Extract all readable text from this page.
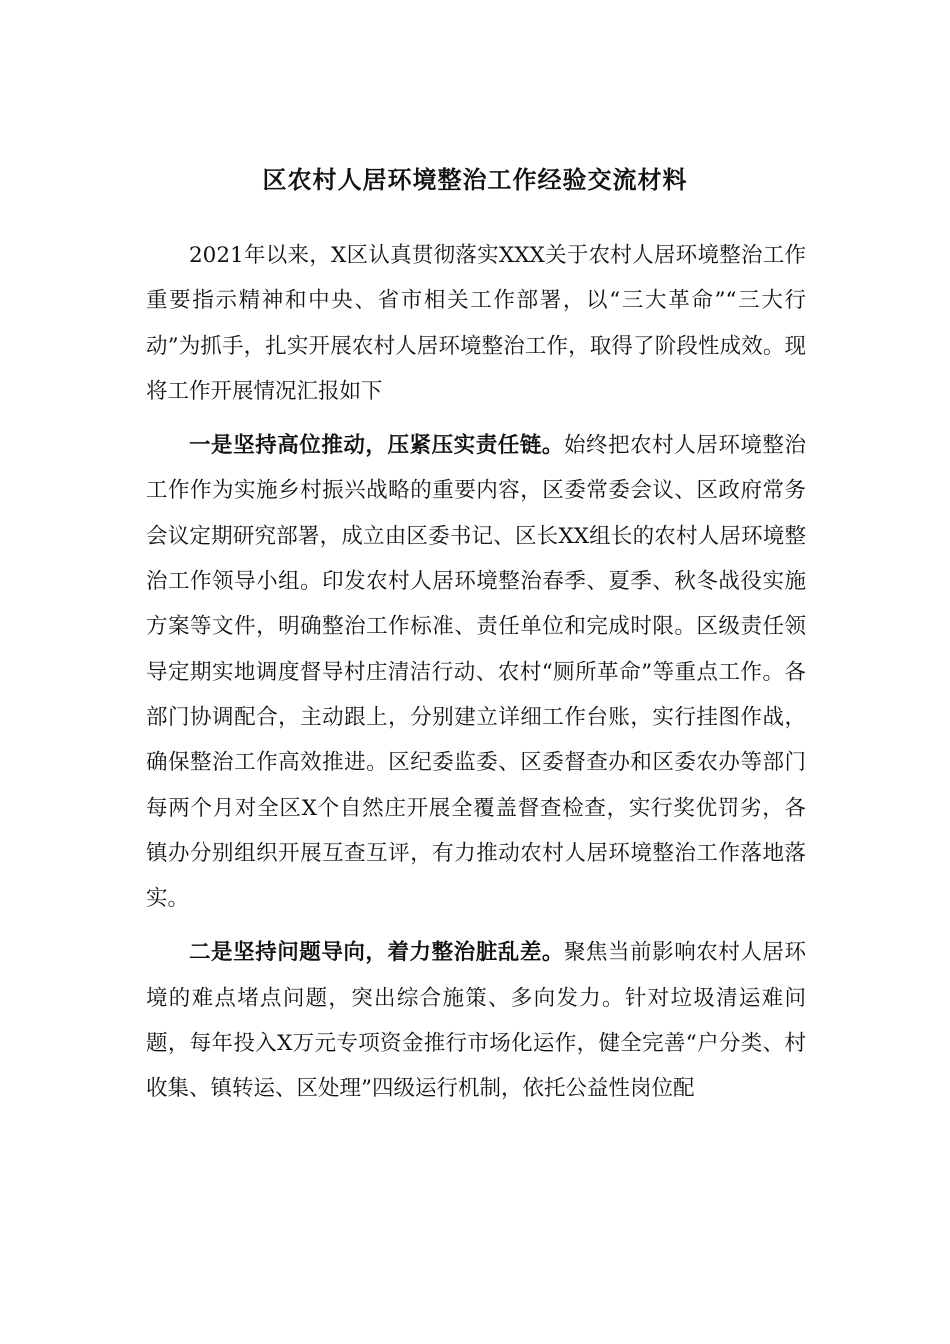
区农村人居环境整治工作经验交流材料

2021年以来，X区认真贯彻落实XXX关于农村人居环境整治工作重要指示精神和中央、省市相关工作部署，以“三大革命”“三大行动”为抓手，扎实开展农村人居环境整治工作，取得了阶段性成效。现将工作开展情况汇报如下

一是坚持高位推动，压紧压实责任链。始终把农村人居环境整治工作作为实施乡村振兴战略的重要内容，区委常委会议、区政府常务会议定期研究部署，成立由区委书记、区长XX组长的农村人居环境整治工作领导小组。印发农村人居环境整治春季、夏季、秋冬战役实施方案等文件，明确整治工作标准、责任单位和完成时限。区级责任领导定期实地调度督导村庄清洁行动、农村“厕所革命”等重点工作。各部门协调配合，主动跟上，分别建立详细工作台账，实行挂图作战，确保整治工作高效推进。区纪委监委、区委督查办和区委农办等部门每两个月对全区X个自然庄开展全覆盖督查检查，实行奖优罚劣，各镇办分别组织开展互查互评，有力推动农村人居环境整治工作落地落实。

二是坚持问题导向，着力整治脏乱差。聚焦当前影响农村人居环境的难点堵点问题，突出综合施策、多向发力。针对垃圾清运难问题，每年投入X万元专项资金推行市场化运作，健全完善“户分类、村收集、镇转运、区处理”四级运行机制，依托公益性岗位配
